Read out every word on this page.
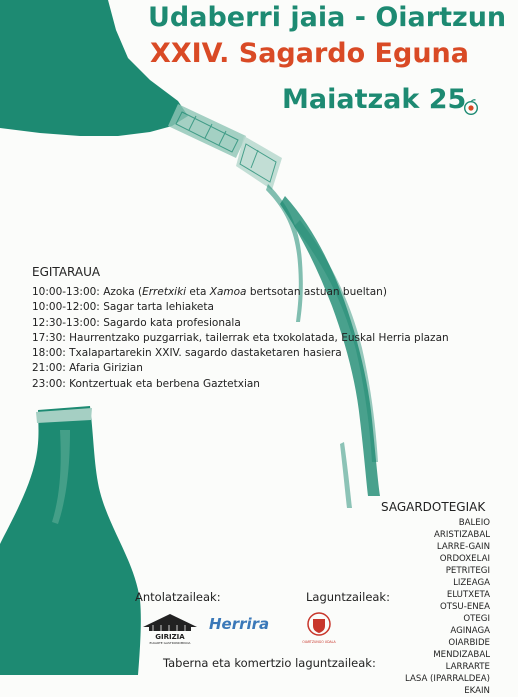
Udaberri jaia - Oiartzun
XXIV. Sagardo Eguna
Maiatzak 25
EGITARAUA
10:00-13:00: Azoka (Erretxiki eta Xamoa bertsotan astuan bueltan)
10:00-12:00: Sagar tarta lehiaketa
12:30-13:00: Sagardo kata profesionala
17:30: Haurrentzako puzgarriak, tailerrak eta txokolatada, Euskal Herria plazan
18:00: Txalapartarekin XXIV. sagardo dastaketaren hasiera
21:00: Afaria Girizian
23:00: Kontzertuak eta berbena Gaztetxian
SAGARDOTEGIAK
BALEIO
ARISTIZABAL
LARRE-GAIN
ORDOXELAI
PETRITEGI
LIZEAGA
ELUTXETA
OTSU-ENEA
OTEGI
AGINAGA
OIARBIDE
MENDIZABAL
LARRARTE
LASA (IPARRALDEA)
EKAIN
Antolatzaileak:	Laguntzaileak:
Taberna eta komertzio laguntzaileak:
GIRIZIA
ELKARTE GASTRONOMIKOA
Herrira
OIARTZUNGO UDALA
